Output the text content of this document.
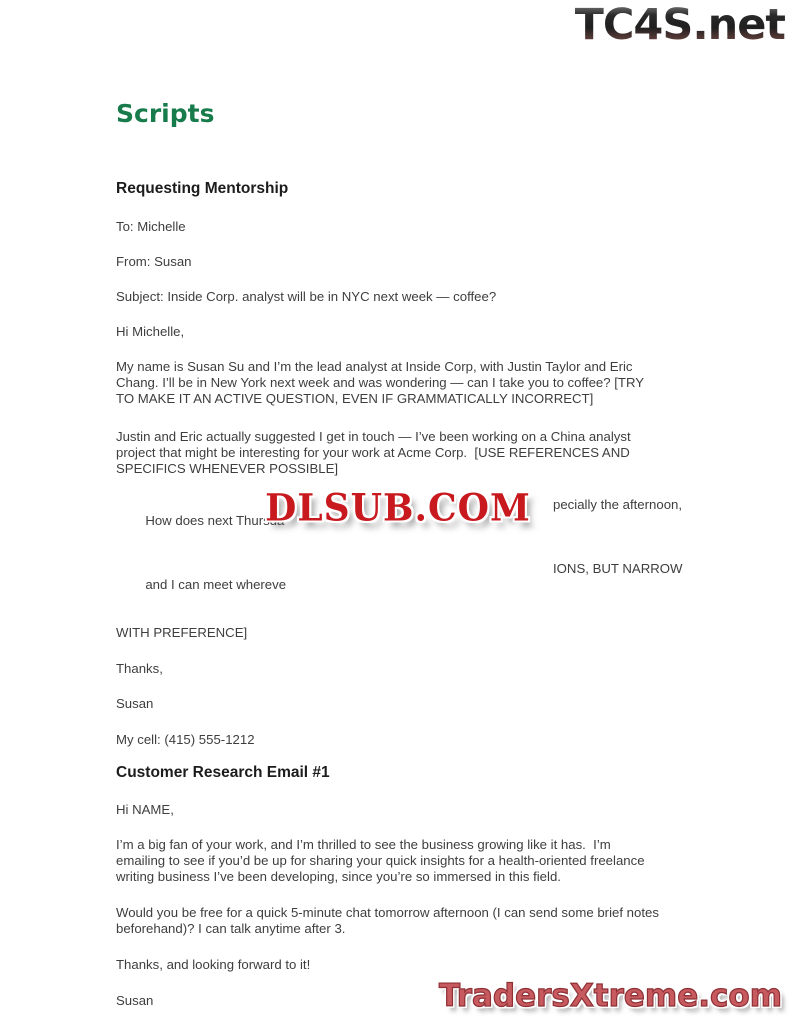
TC4S.net
Scripts
Requesting Mentorship
To: Michelle
From: Susan
Subject: Inside Corp. analyst will be in NYC next week — coffee?
Hi Michelle,
My name is Susan Su and I’m the lead analyst at Inside Corp, with Justin Taylor and Eric
Chang. I’ll be in New York next week and was wondering — can I take you to coffee? [TRY
TO MAKE IT AN ACTIVE QUESTION, EVEN IF GRAMMATICALLY INCORRECT]
Justin and Eric actually suggested I get in touch — I’ve been working on a China analyst
project that might be interesting for your work at Acme Corp.  [USE REFERENCES AND
SPECIFICS WHENEVER POSSIBLE]

How does next Thursda

pecially the afternoon,

and I can meet whereve

IONS, BUT NARROW

WITH PREFERENCE]
Thanks,
Susan
My cell: (415) 555-1212
Customer Research Email #1
Hi NAME,
I’m a big fan of your work, and I’m thrilled to see the business growing like it has.  I’m
emailing to see if you’d be up for sharing your quick insights for a health-oriented freelance
writing business I’ve been developing, since you’re so immersed in this field.
Would you be free for a quick 5-minute chat tomorrow afternoon (I can send some brief notes
beforehand)? I can talk anytime after 3.
Thanks, and looking forward to it!
Susan
DLSUB.COM
TradersXtreme.com
